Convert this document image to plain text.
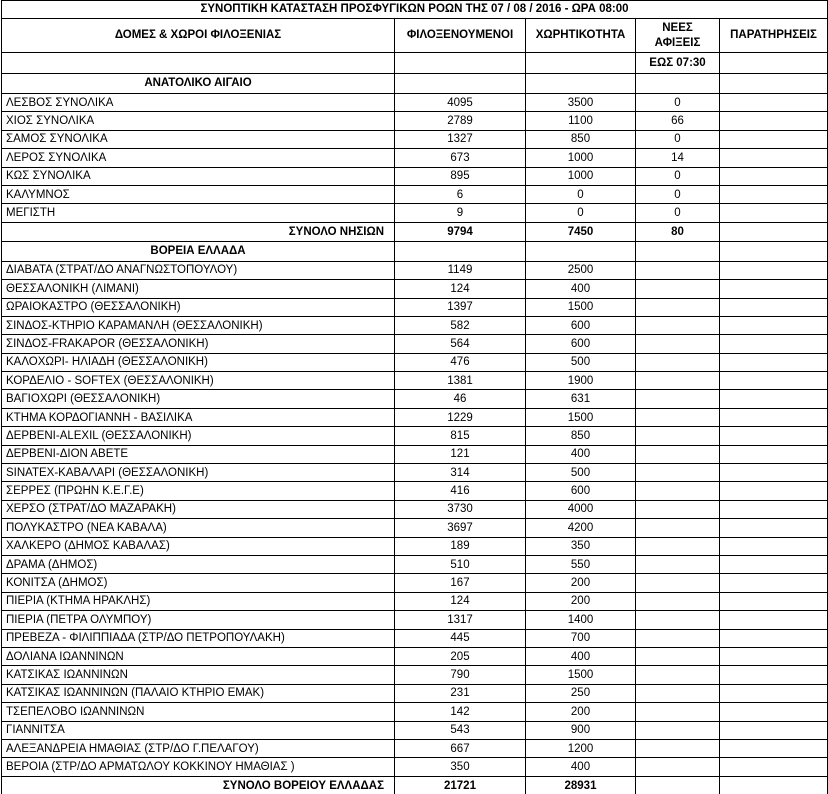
ΣΥΝΟΠΤΙΚΗ ΚΑΤΑΣΤΑΣΗ ΠΡΟΣΦΥΓΙΚΩΝ ΡΟΩΝ ΤΗΣ 07 / 08 / 2016 - ΩΡΑ 08:00				
ΔΟΜΕΣ & ΧΩΡΟΙ ΦΙΛΟΞΕΝΙΑΣ	ΦΙΛΟΞΕΝΟΥΜΕΝΟΙ	ΧΩΡΗΤΙΚΟΤΗΤΑ	ΝΕΕΣ
ΑΦΙΞΕΙΣ	ΠΑΡΑΤΗΡΗΣΕΙΣ
			ΕΩΣ 07:30	
ΑΝΑΤΟΛΙΚΟ ΑΙΓΑΙΟ				
ΛΕΣΒΟΣ ΣΥΝΟΛΙΚΑ	4095	3500	0	
ΧΙΟΣ ΣΥΝΟΛΙΚΑ	2789	1100	66	
ΣΑΜΟΣ ΣΥΝΟΛΙΚΑ	1327	850	0	
ΛΕΡΟΣ ΣΥΝΟΛΙΚΑ	673	1000	14	
ΚΩΣ ΣΥΝΟΛΙΚΑ	895	1000	0	
ΚΑΛΥΜΝΟΣ	6	0	0	
ΜΕΓΙΣΤΗ	9	0	0	
ΣΥΝΟΛΟ ΝΗΣΙΩΝ	9794	7450	80	
ΒΟΡΕΙΑ ΕΛΛΑΔΑ				
ΔΙΑΒΑΤΑ (ΣΤΡΑΤ/ΔΟ ΑΝΑΓΝΩΣΤΟΠΟΥΛΟΥ)	1149	2500		
ΘΕΣΣΑΛΟΝΙΚΗ (ΛΙΜΑΝΙ)	124	400		
ΩΡΑΙΟΚΑΣΤΡΟ (ΘΕΣΣΑΛΟΝΙΚΗ)	1397	1500		
ΣΙΝΔΟΣ-ΚΤΗΡΙΟ ΚΑΡΑΜΑΝΛΗ (ΘΕΣΣΑΛΟΝΙΚΗ)	582	600		
ΣΙΝΔΟΣ-FRAKAPOR (ΘΕΣΣΑΛΟΝΙΚΗ)	564	600		
ΚΑΛΟΧΩΡΙ- ΗΛΙΑΔΗ (ΘΕΣΣΑΛΟΝΙΚΗ)	476	500		
ΚΟΡΔΕΛΙΟ - SOFTEX (ΘΕΣΣΑΛΟΝΙΚΗ)	1381	1900		
ΒΑΓΙΟΧΩΡΙ (ΘΕΣΣΑΛΟΝΙΚΗ)	46	631		
ΚΤΗΜΑ ΚΟΡΔΟΓΙΑΝΝΗ - ΒΑΣΙΛΙΚΑ	1229	1500		
ΔΕΡΒΕΝΙ-ALEXIL (ΘΕΣΣΑΛΟΝΙΚΗ)	815	850		
ΔΕΡΒΕΝΙ-ΔΙΟΝ ΑΒΕΤΕ	121	400		
SINATEX-ΚΑΒΑΛΑΡΙ (ΘΕΣΣΑΛΟΝΙΚΗ)	314	500		
ΣΕΡΡΕΣ (ΠΡΩΗΝ Κ.Ε.Γ.Ε)	416	600		
ΧΕΡΣΟ (ΣΤΡΑΤ/ΔΟ ΜΑΖΑΡΑΚΗ)	3730	4000		
ΠΟΛΥΚΑΣΤΡΟ (ΝΕΑ ΚΑΒΑΛΑ)	3697	4200		
ΧΑΛΚΕΡΟ (ΔΗΜΟΣ ΚΑΒΑΛΑΣ)	189	350		
ΔΡΑΜΑ (ΔΗΜΟΣ)	510	550		
ΚΟΝΙΤΣΑ (ΔΗΜΟΣ)	167	200		
ΠΙΕΡΙΑ (ΚΤΗΜΑ ΗΡΑΚΛΗΣ)	124	200		
ΠΙΕΡΙΑ (ΠΕΤΡΑ ΟΛΥΜΠΟΥ)	1317	1400		
ΠΡΕΒΕΖΑ - ΦΙΛΙΠΠΙΑΔΑ (ΣΤΡ/ΔΟ ΠΕΤΡΟΠΟΥΛΑΚΗ)	445	700		
ΔΟΛΙΑΝΑ ΙΩΑΝΝΙΝΩΝ	205	400		
ΚΑΤΣΙΚΑΣ ΙΩΑΝΝΙΝΩΝ	790	1500		
ΚΑΤΣΙΚΑΣ ΙΩΑΝΝΙΝΩΝ (ΠΑΛΑΙΟ ΚΤΗΡΙΟ ΕΜΑΚ)	231	250		
ΤΣΕΠΕΛΟΒΟ ΙΩΑΝΝΙΝΩΝ	142	200		
ΓΙΑΝΝΙΤΣΑ	543	900		
ΑΛΕΞΑΝΔΡΕΙΑ ΗΜΑΘΙΑΣ (ΣΤΡ/ΔΟ Γ.ΠΕΛΑΓΟΥ)	667	1200		
ΒΕΡΟΙΑ (ΣΤΡ/ΔΟ ΑΡΜΑΤΩΛΟΥ ΚΟΚΚΙΝΟΥ ΗΜΑΘΙΑΣ )	350	400		
ΣΥΝΟΛΟ ΒΟΡΕΙΟΥ ΕΛΛΑΔΑΣ	21721	28931		
